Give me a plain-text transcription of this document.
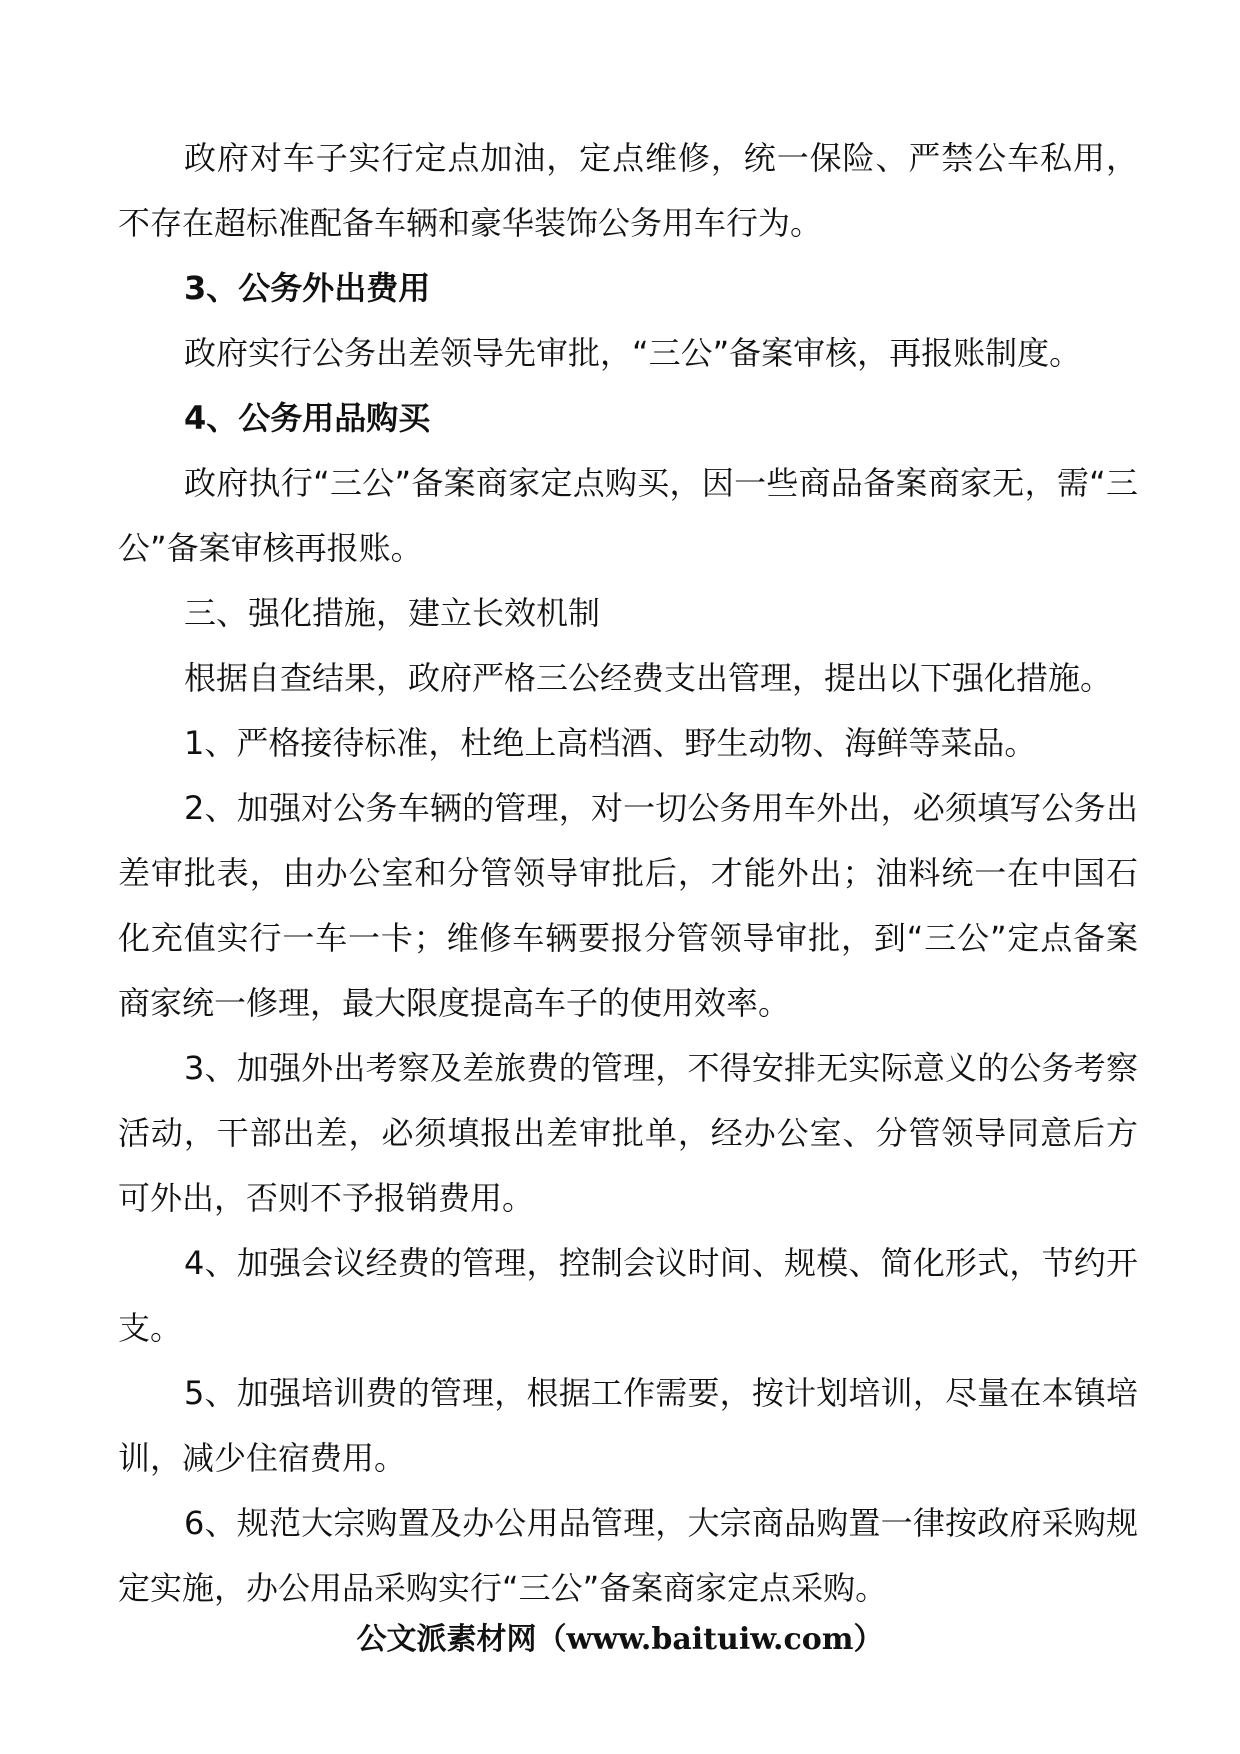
政府对车子实行定点加油，定点维修，统一保险、严禁公车私用，不存在超标准配备车辆和豪华装饰公务用车行为。

3、公务外出费用

政府实行公务出差领导先审批，“三公”备案审核，再报账制度。

4、公务用品购买

政府执行“三公”备案商家定点购买，因一些商品备案商家无，需“三公”备案审核再报账。

三、强化措施，建立长效机制

根据自查结果，政府严格三公经费支出管理，提出以下强化措施。

1、严格接待标准，杜绝上高档酒、野生动物、海鲜等菜品。

2、加强对公务车辆的管理，对一切公务用车外出，必须填写公务出差审批表，由办公室和分管领导审批后，才能外出；油料统一在中国石化充值实行一车一卡；维修车辆要报分管领导审批，到“三公”定点备案商家统一修理，最大限度提高车子的使用效率。

3、加强外出考察及差旅费的管理，不得安排无实际意义的公务考察活动，干部出差，必须填报出差审批单，经办公室、分管领导同意后方可外出，否则不予报销费用。

4、加强会议经费的管理，控制会议时间、规模、简化形式，节约开支。

5、加强培训费的管理，根据工作需要，按计划培训，尽量在本镇培训，减少住宿费用。

6、规范大宗购置及办公用品管理，大宗商品购置一律按政府采购规定实施，办公用品采购实行“三公”备案商家定点采购。

公文派素材网（www.baituiw.com）
